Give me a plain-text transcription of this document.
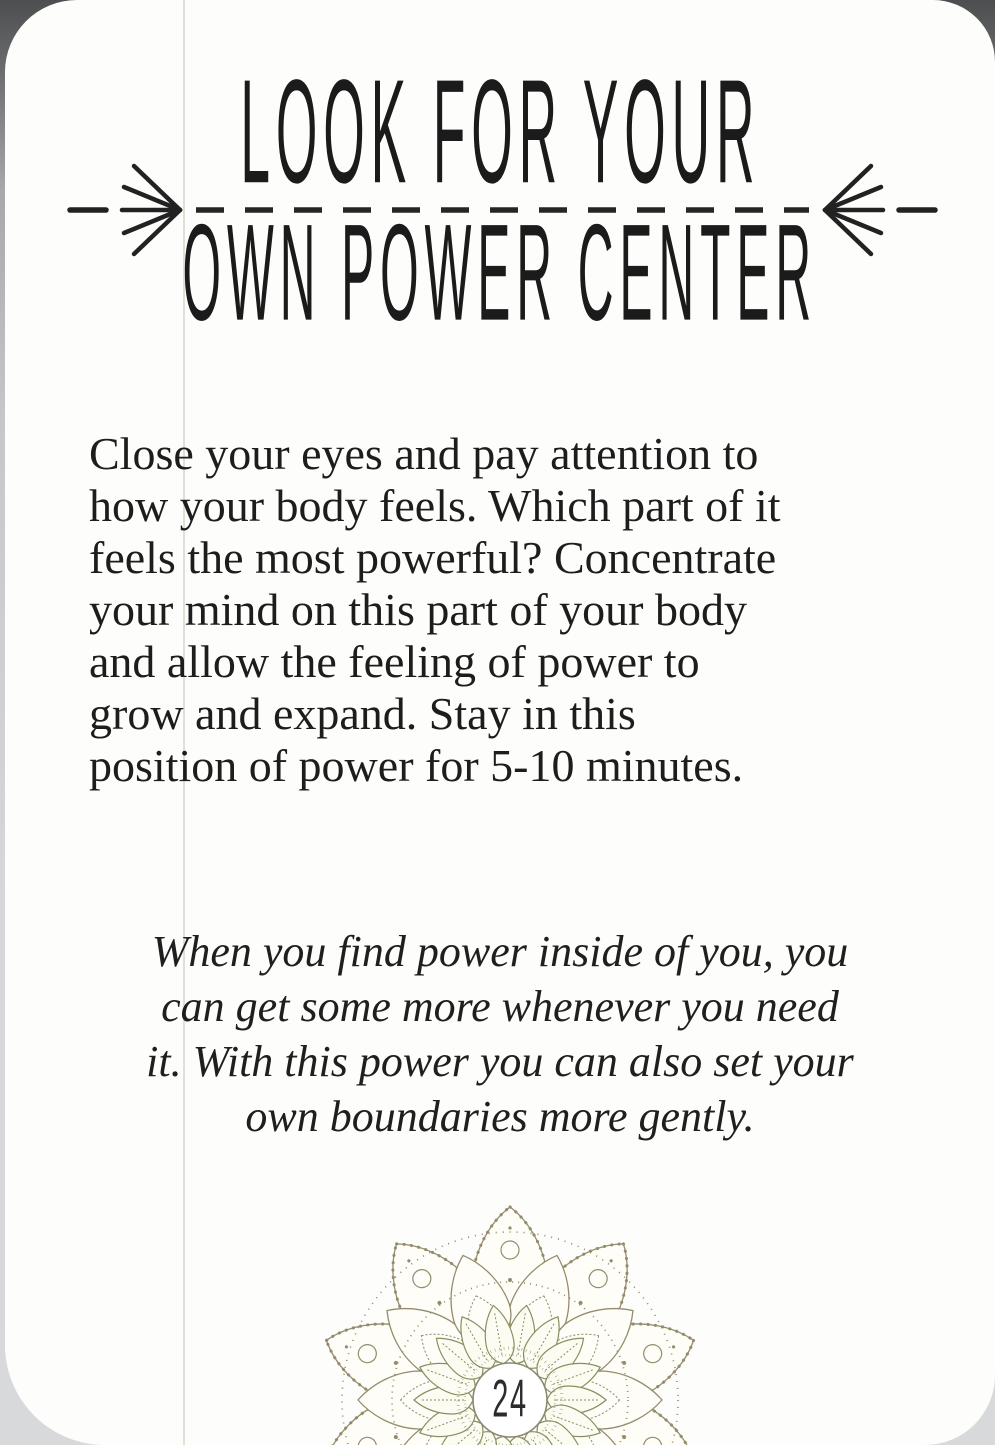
LOOK FOR YOUR
OWN POWER CENTER
Close your eyes and pay attention to
how your body feels. Which part of it
feels the most powerful? Concentrate
your mind on this part of your body
and allow the feeling of power to
grow and expand. Stay in this
position of power for 5-10 minutes.
When you find power inside of you, you
can get some more whenever you need
it. With this power you can also set your
own boundaries more gently.
24
